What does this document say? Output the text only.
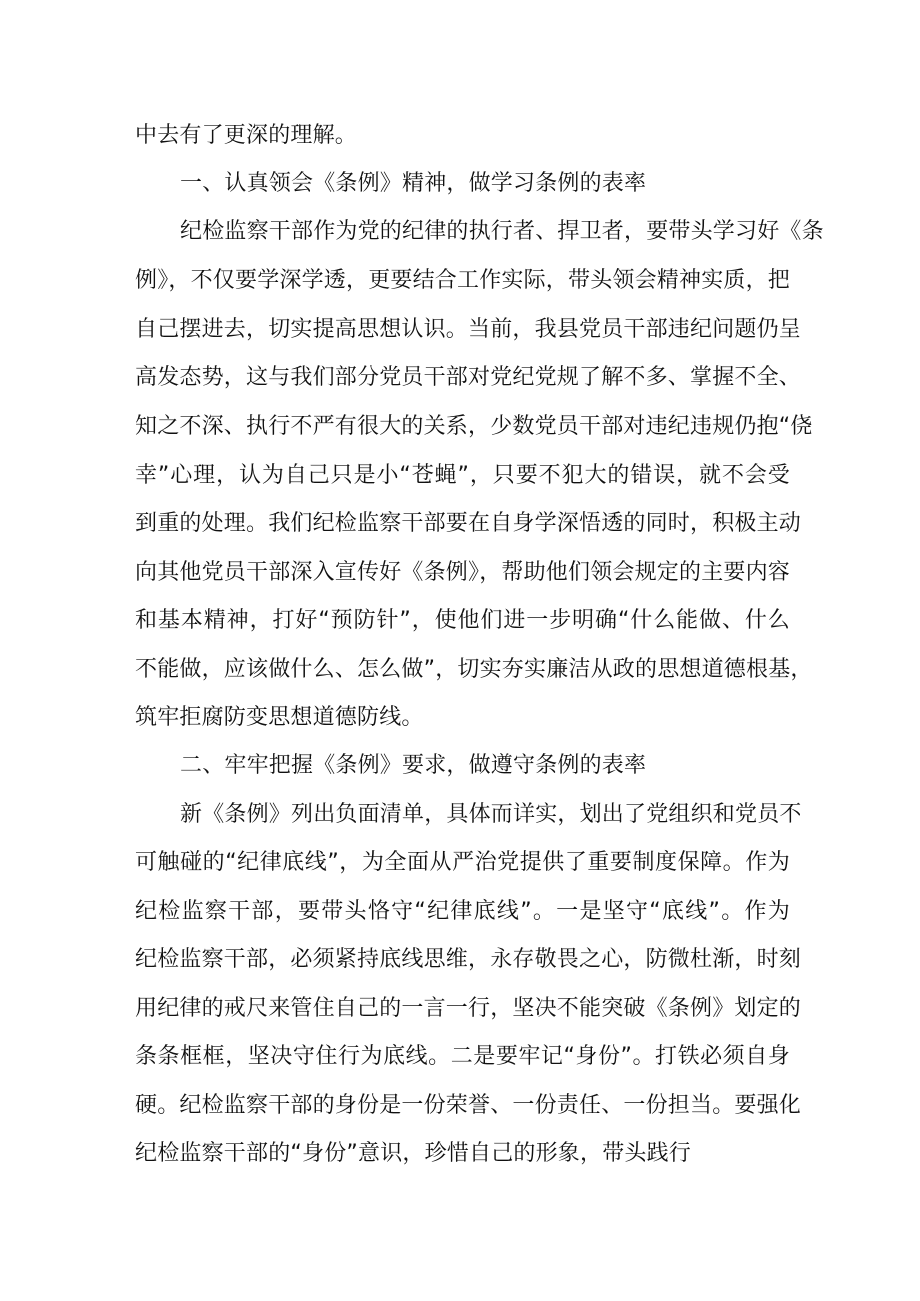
中去有了更深的理解。
一、认真领会《条例》精神，做学习条例的表率
纪检监察干部作为党的纪律的执行者、捍卫者，要带头学习好《条
例》，不仅要学深学透，更要结合工作实际，带头领会精神实质，把
自己摆进去，切实提高思想认识。当前，我县党员干部违纪问题仍呈
高发态势，这与我们部分党员干部对党纪党规了解不多、掌握不全、
知之不深、执行不严有很大的关系，少数党员干部对违纪违规仍抱“侥
幸”心理，认为自己只是小“苍蝇”，只要不犯大的错误，就不会受
到重的处理。我们纪检监察干部要在自身学深悟透的同时，积极主动
向其他党员干部深入宣传好《条例》，帮助他们领会规定的主要内容
和基本精神，打好“预防针”，使他们进一步明确“什么能做、什么
不能做，应该做什么、怎么做”，切实夯实廉洁从政的思想道德根基，
筑牢拒腐防变思想道德防线。
二、牢牢把握《条例》要求，做遵守条例的表率
新《条例》列出负面清单，具体而详实，划出了党组织和党员不
可触碰的“纪律底线”，为全面从严治党提供了重要制度保障。作为
纪检监察干部，要带头恪守“纪律底线”。一是坚守“底线”。作为
纪检监察干部，必须紧持底线思维，永存敬畏之心，防微杜渐，时刻
用纪律的戒尺来管住自己的一言一行，坚决不能突破《条例》划定的
条条框框，坚决守住行为底线。二是要牢记“身份”。打铁必须自身
硬。纪检监察干部的身份是一份荣誉、一份责任、一份担当。要强化
纪检监察干部的“身份”意识，珍惜自己的形象，带头践行
